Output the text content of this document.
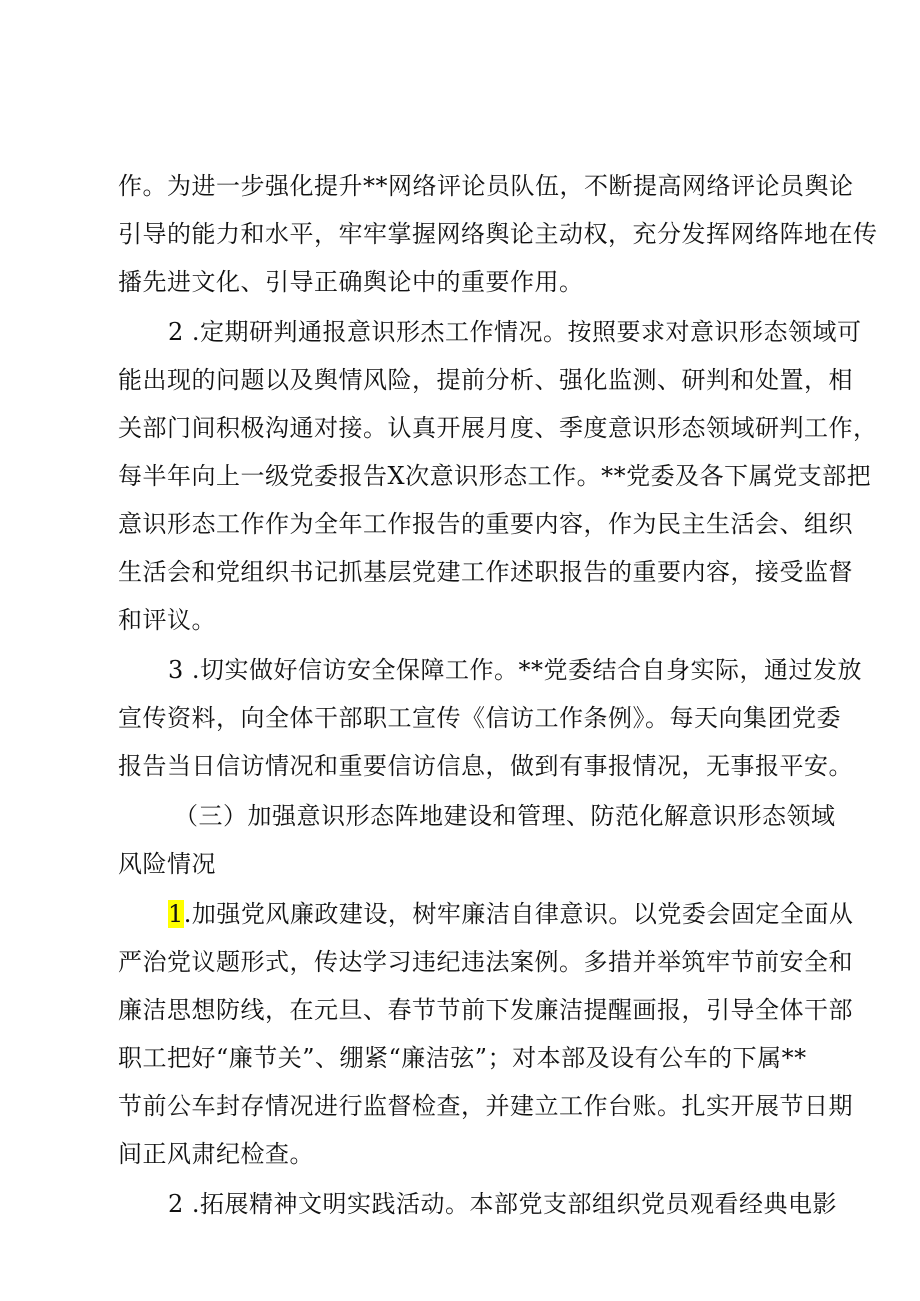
作。为进一步强化提升**网络评论员队伍，不断提高网络评论员舆论
引导的能力和水平，牢牢掌握网络舆论主动权，充分发挥网络阵地在传
播先进文化、引导正确舆论中的重要作用。
2 .定期研判通报意识形杰工作情况。按照要求对意识形态领域可
能出现的问题以及舆情风险，提前分析、强化监测、研判和处置，相
关部门间积极沟通对接。认真开展月度、季度意识形态领域研判工作，
每半年向上一级党委报告X次意识形态工作。**党委及各下属党支部把
意识形态工作作为全年工作报告的重要内容，作为民主生活会、组织
生活会和党组织书记抓基层党建工作述职报告的重要内容，接受监督
和评议。
3 .切实做好信访安全保障工作。**党委结合自身实际，通过发放
宣传资料，向全体干部职工宣传《信访工作条例》。每天向集团党委
报告当日信访情况和重要信访信息，做到有事报情况，无事报平安。
（三）加强意识形态阵地建设和管理、防范化解意识形态领域
风险情况
1.加强党风廉政建设，树牢廉洁自律意识。以党委会固定全面从
严治党议题形式，传达学习违纪违法案例。多措并举筑牢节前安全和
廉洁思想防线，在元旦、春节节前下发廉洁提醒画报，引导全体干部
职工把好“廉节关”、绷紧“廉洁弦”；对本部及设有公车的下属**
节前公车封存情况进行监督检查，并建立工作台账。扎实开展节日期
间正风肃纪检查。
2 .拓展精神文明实践活动。本部党支部组织党员观看经典电影
